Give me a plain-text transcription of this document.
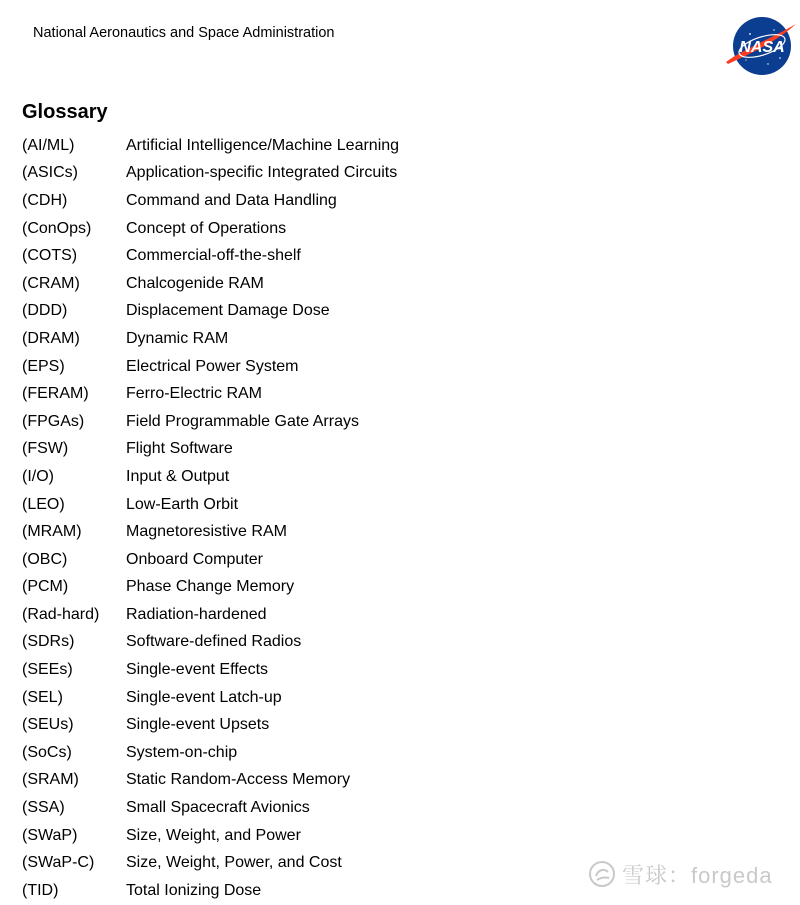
National Aeronautics and Space Administration
NASA
Glossary
(AI/ML)	Artificial Intelligence/Machine Learning
(ASICs)	Application-specific Integrated Circuits
(CDH)	Command and Data Handling
(ConOps)	Concept of Operations
(COTS)	Commercial-off-the-shelf
(CRAM)	Chalcogenide RAM
(DDD)	Displacement Damage Dose
(DRAM)	Dynamic RAM
(EPS)	Electrical Power System
(FERAM)	Ferro-Electric RAM
(FPGAs)	Field Programmable Gate Arrays
(FSW)	Flight Software
(I/O)	Input & Output
(LEO)	Low-Earth Orbit
(MRAM)	Magnetoresistive RAM
(OBC)	Onboard Computer
(PCM)	Phase Change Memory
(Rad-hard)	Radiation-hardened
(SDRs)	Software-defined Radios
(SEEs)	Single-event Effects
(SEL)	Single-event Latch-up
(SEUs)	Single-event Upsets
(SoCs)	System-on-chip
(SRAM)	Static Random-Access Memory
(SSA)	Small Spacecraft Avionics
(SWaP)	Size, Weight, and Power
(SWaP-C)	Size, Weight, Power, and Cost
(TID)	Total Ionizing Dose
雪球：forgeda
